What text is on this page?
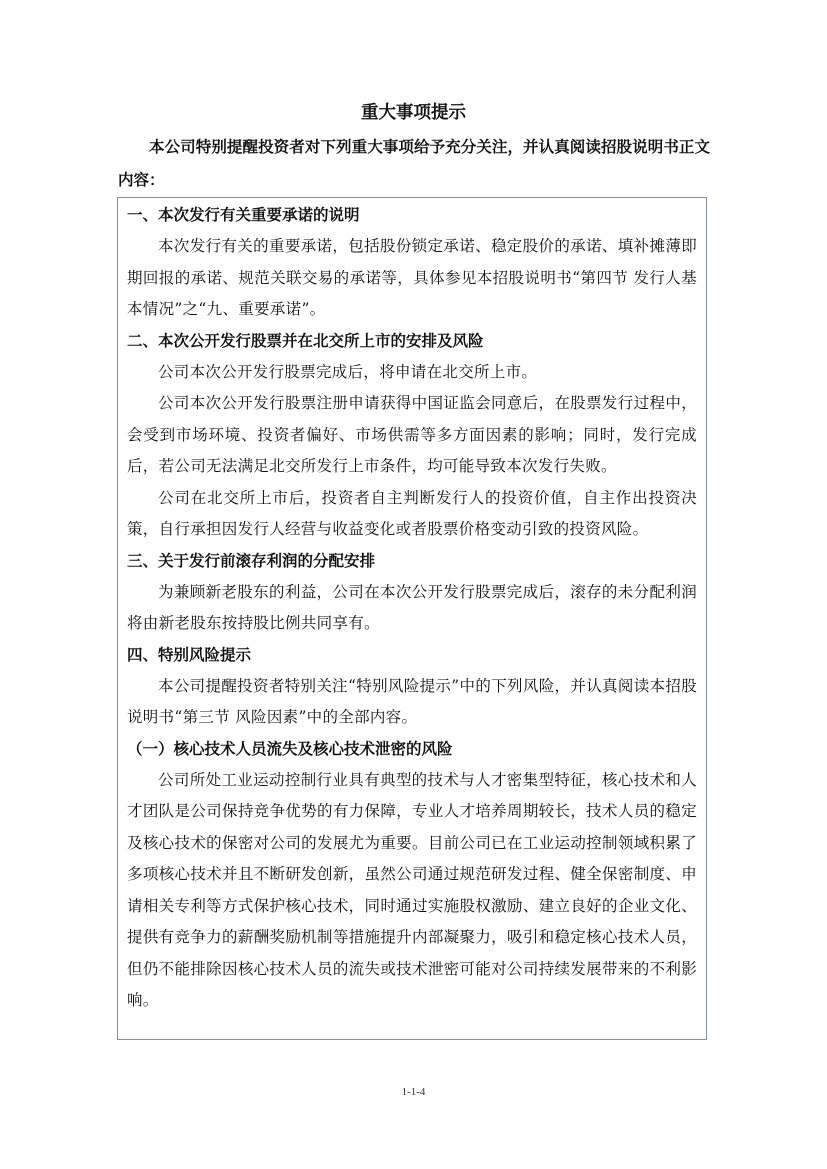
重大事项提示
本公司特别提醒投资者对下列重大事项给予充分关注，并认真阅读招股说明书正文内容：
一、本次发行有关重要承诺的说明
本次发行有关的重要承诺，包括股份锁定承诺、稳定股价的承诺、填补摊薄即期回报的承诺、规范关联交易的承诺等，具体参见本招股说明书“第四节 发行人基本情况”之“九、重要承诺”。
二、本次公开发行股票并在北交所上市的安排及风险
公司本次公开发行股票完成后，将申请在北交所上市。
公司本次公开发行股票注册申请获得中国证监会同意后，在股票发行过程中，会受到市场环境、投资者偏好、市场供需等多方面因素的影响；同时，发行完成后，若公司无法满足北交所发行上市条件，均可能导致本次发行失败。
公司在北交所上市后，投资者自主判断发行人的投资价值，自主作出投资决策，自行承担因发行人经营与收益变化或者股票价格变动引致的投资风险。
三、关于发行前滚存利润的分配安排
为兼顾新老股东的利益，公司在本次公开发行股票完成后，滚存的未分配利润将由新老股东按持股比例共同享有。
四、特别风险提示
本公司提醒投资者特别关注“特别风险提示”中的下列风险，并认真阅读本招股说明书“第三节 风险因素”中的全部内容。
（一）核心技术人员流失及核心技术泄密的风险
公司所处工业运动控制行业具有典型的技术与人才密集型特征，核心技术和人才团队是公司保持竞争优势的有力保障，专业人才培养周期较长，技术人员的稳定及核心技术的保密对公司的发展尤为重要。目前公司已在工业运动控制领域积累了多项核心技术并且不断研发创新，虽然公司通过规范研发过程、健全保密制度、申请相关专利等方式保护核心技术，同时通过实施股权激励、建立良好的企业文化、提供有竞争力的薪酬奖励机制等措施提升内部凝聚力，吸引和稳定核心技术人员，但仍不能排除因核心技术人员的流失或技术泄密可能对公司持续发展带来的不利影响。
1-1-4
